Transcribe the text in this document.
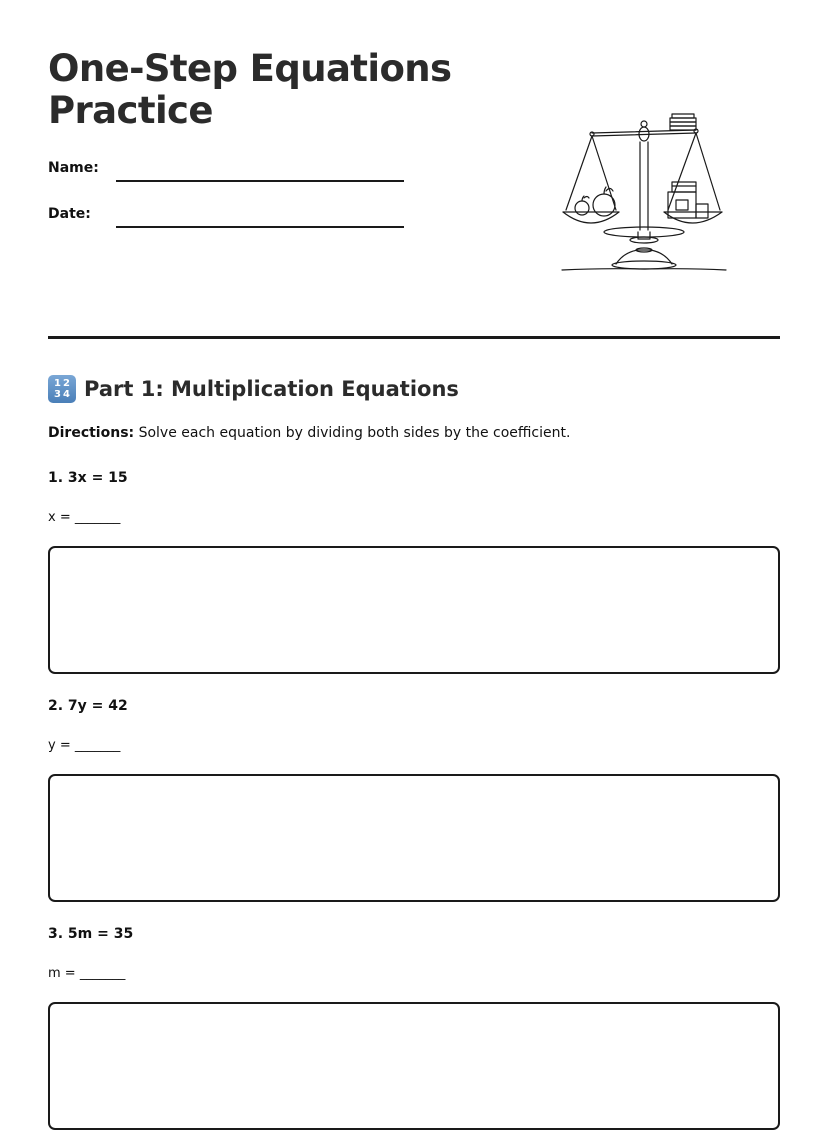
One-Step Equations Practice
Name:
Date:
1 2
3 4 Part 1: Multiplication Equations
Directions: Solve each equation by dividing both sides by the coefficient.
1. 3x = 15
x = _______
2. 7y = 42
y = _______
3. 5m = 35
m = _______
